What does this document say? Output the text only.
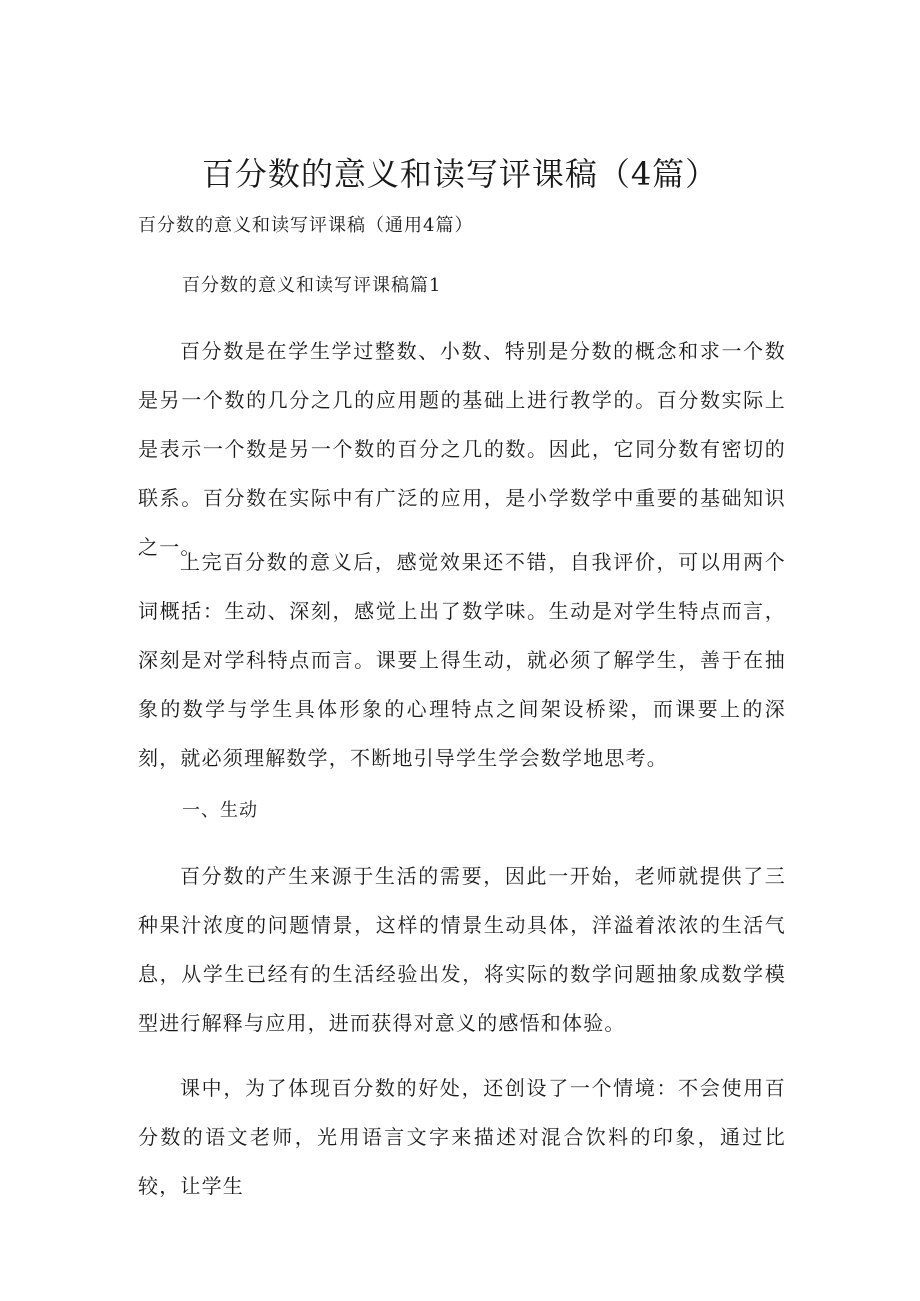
百分数的意义和读写评课稿（4篇）

百分数的意义和读写评课稿（通用4篇）

百分数的意义和读写评课稿篇1

百分数是在学生学过整数、小数、特别是分数的概念和求一个数是另一个数的几分之几的应用题的基础上进行教学的。百分数实际上是表示一个数是另一个数的百分之几的数。因此，它同分数有密切的联系。百分数在实际中有广泛的应用，是小学数学中重要的基础知识之一。

上完百分数的意义后，感觉效果还不错，自我评价，可以用两个词概括：生动、深刻，感觉上出了数学味。生动是对学生特点而言，深刻是对学科特点而言。课要上得生动，就必须了解学生，善于在抽象的数学与学生具体形象的心理特点之间架设桥梁，而课要上的深刻，就必须理解数学，不断地引导学生学会数学地思考。

一、生动

百分数的产生来源于生活的需要，因此一开始，老师就提供了三种果汁浓度的问题情景，这样的情景生动具体，洋溢着浓浓的生活气息，从学生已经有的生活经验出发，将实际的数学问题抽象成数学模型进行解释与应用，进而获得对意义的感悟和体验。

课中，为了体现百分数的好处，还创设了一个情境：不会使用百分数的语文老师，光用语言文字来描述对混合饮料的印象，通过比较，让学生
